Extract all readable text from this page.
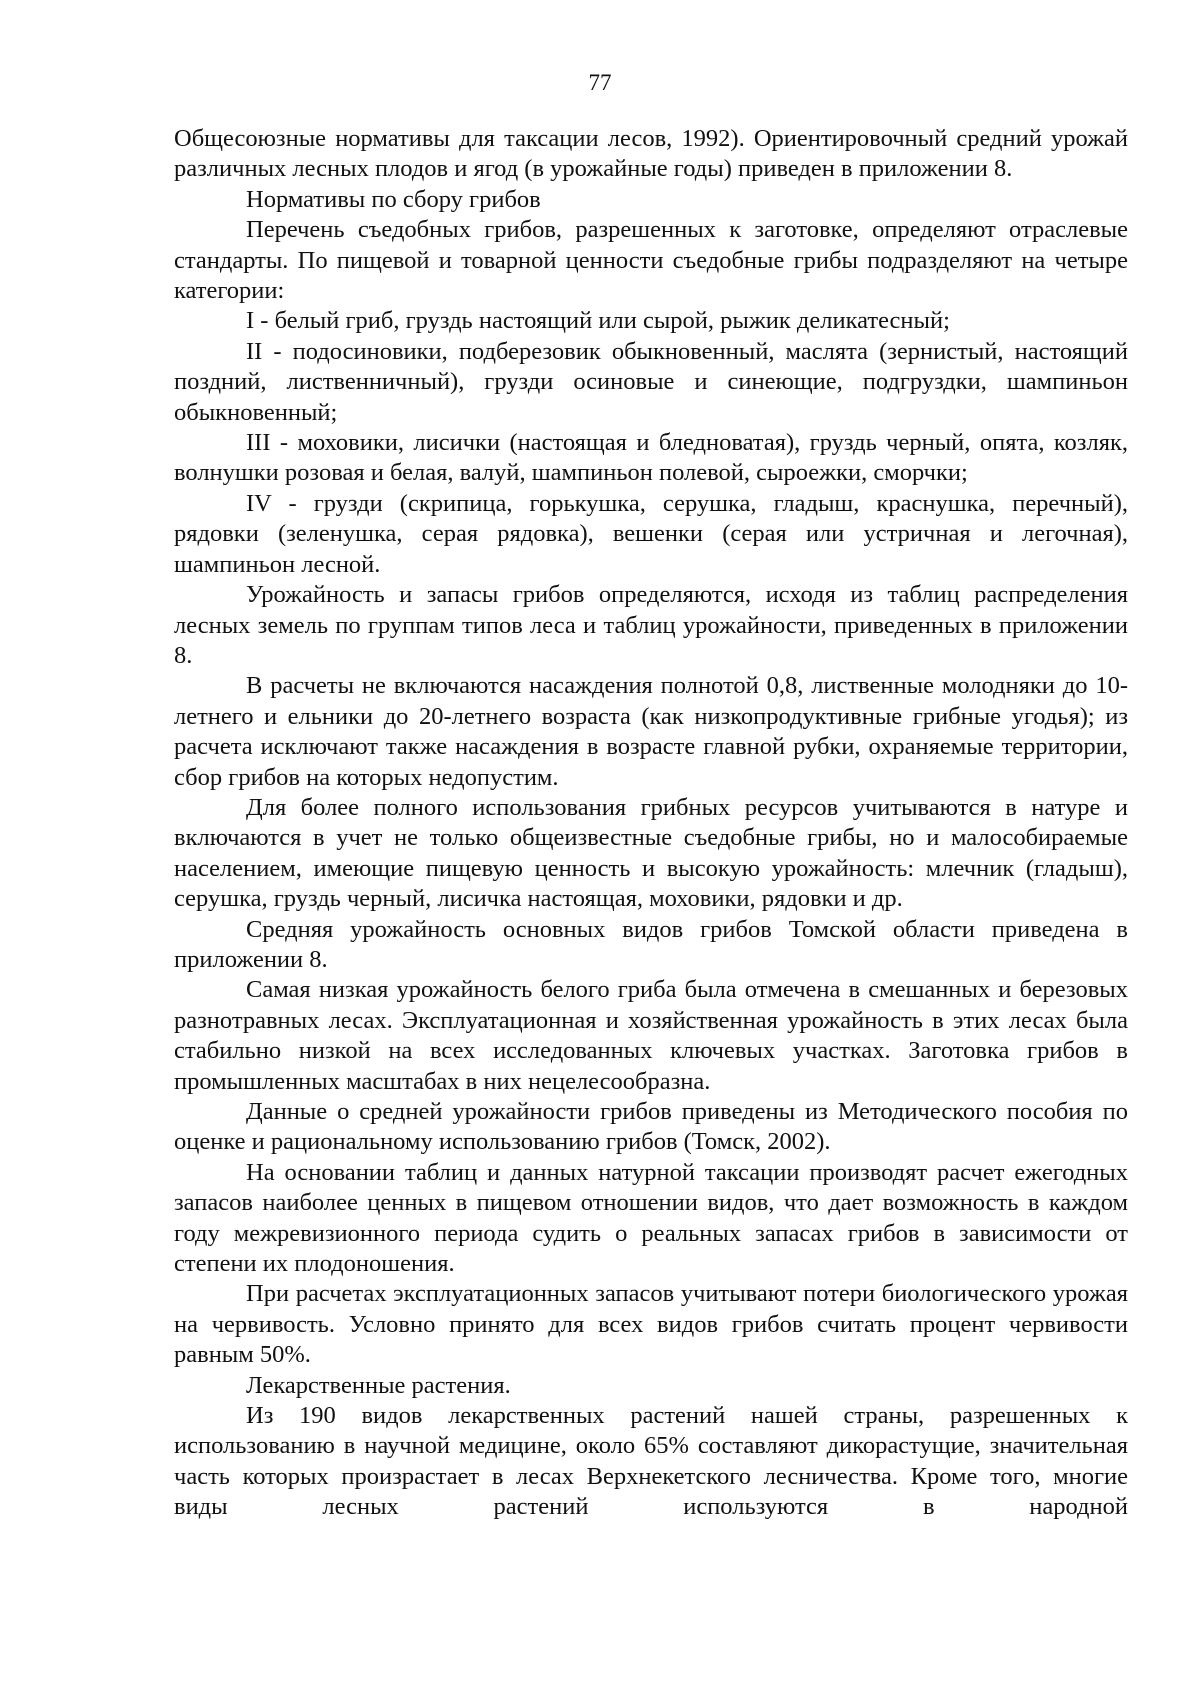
77

Общесоюзные нормативы для таксации лесов, 1992). Ориентировочный средний урожай различных лесных плодов и ягод (в урожайные годы) приведен в приложении 8.

Нормативы по сбору грибов

Перечень съедобных грибов, разрешенных к заготовке, определяют отраслевые стандарты. По пищевой и товарной ценности съедобные грибы подразделяют на четыре категории:

I - белый гриб, груздь настоящий или сырой, рыжик деликатесный;

II - подосиновики, подберезовик обыкновенный, маслята (зернистый, настоящий поздний, лиственничный), грузди осиновые и синеющие, подгруздки, шампиньон обыкновенный;

III - моховики, лисички (настоящая и бледноватая), груздь черный, опята, козляк, волнушки розовая и белая, валуй, шампиньон полевой, сыроежки, сморчки;

IV - грузди (скрипица, горькушка, серушка, гладыш, краснушка, перечный), рядовки (зеленушка, серая рядовка), вешенки (серая или устричная и легочная), шампиньон лесной.

Урожайность и запасы грибов определяются, исходя из таблиц распределения лесных земель по группам типов леса и таблиц урожайности, приведенных в приложении 8.

В расчеты не включаются насаждения полнотой 0,8, лиственные молодняки до 10-летнего и ельники до 20-летнего возраста (как низкопродуктивные грибные угодья); из расчета исключают также насаждения в возрасте главной рубки, охраняемые территории, сбор грибов на которых недопустим.

Для более полного использования грибных ресурсов учитываются в натуре и включаются в учет не только общеизвестные съедобные грибы, но и малособираемые населением, имеющие пищевую ценность и высокую урожайность: млечник (гладыш), серушка, груздь черный, лисичка настоящая, моховики, рядовки и др.

Средняя урожайность основных видов грибов Томской области приведена в приложении 8.

Самая низкая урожайность белого гриба была отмечена в смешанных и березовых разнотравных лесах. Эксплуатационная и хозяйственная урожайность в этих лесах была стабильно низкой на всех исследованных ключевых участках. Заготовка грибов в промышленных масштабах в них нецелесообразна.

Данные о средней урожайности грибов приведены из Методического пособия по оценке и рациональному использованию грибов (Томск, 2002).

На основании таблиц и данных натурной таксации производят расчет ежегодных запасов наиболее ценных в пищевом отношении видов, что дает возможность в каждом году межревизионного периода судить о реальных запасах грибов в зависимости от степени их плодоношения.

При расчетах эксплуатационных запасов учитывают потери биологического урожая на червивость. Условно принято для всех видов грибов считать процент червивости равным 50%.

Лекарственные растения.

Из 190 видов лекарственных растений нашей страны, разрешенных к использованию в научной медицине, около 65% составляют дикорастущие, значительная часть которых произрастает в лесах Верхнекетского лесничества. Кроме того, многие виды лесных растений используются в народной
